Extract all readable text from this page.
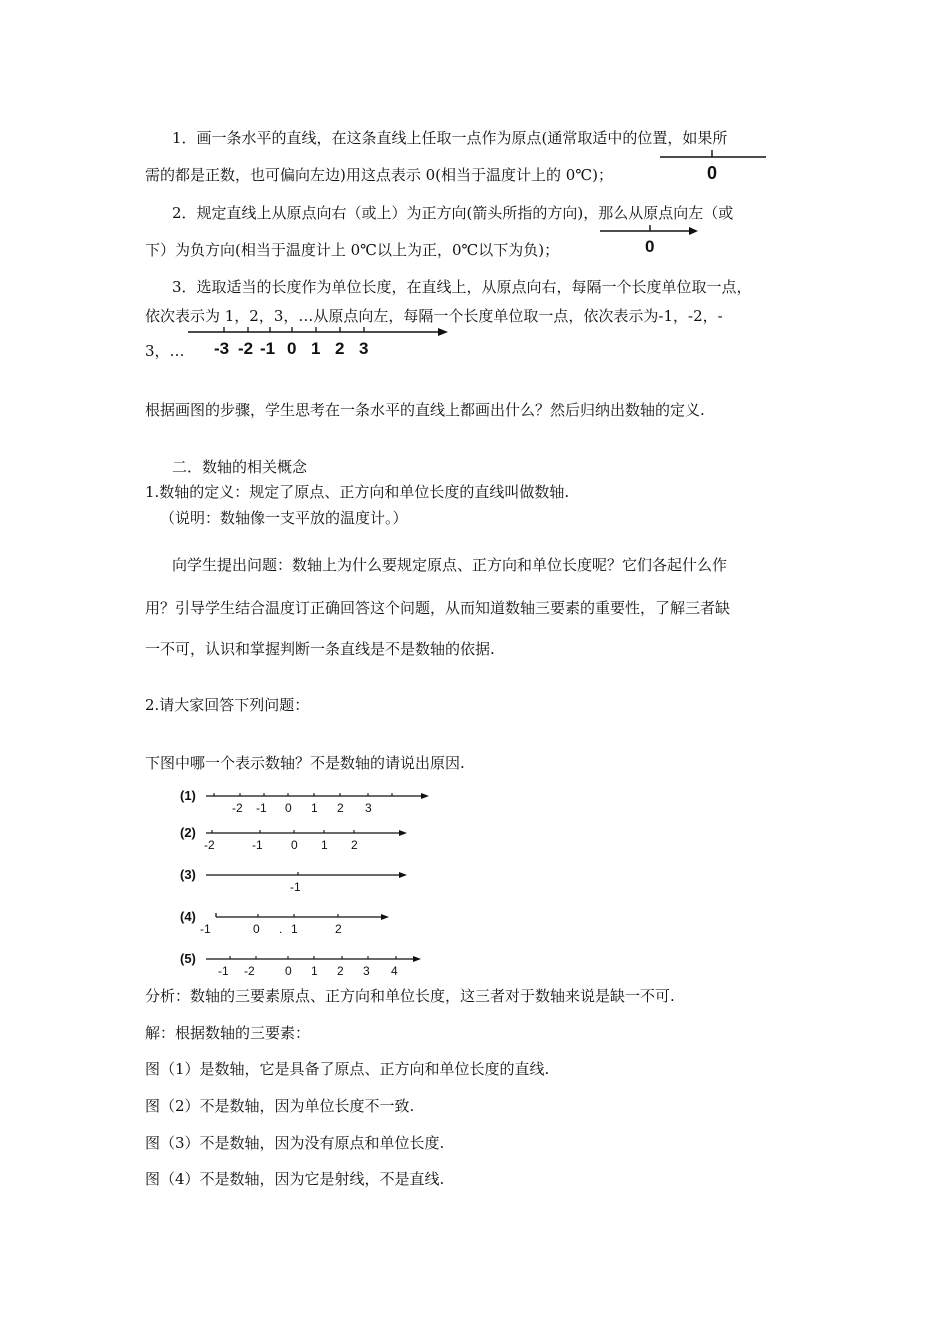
1．画一条水平的直线，在这条直线上任取一点作为原点(通常取适中的位置，如果所
需的都是正数，也可偏向左边)用这点表示 0(相当于温度计上的 0℃)；	0
2．规定直线上从原点向右（或上）为正方向(箭头所指的方向)，那么从原点向左（或
下）为负方向(相当于温度计上 0℃以上为正，0℃以下为负)；	0
3．选取适当的长度作为单位长度，在直线上，从原点向右，每隔一个长度单位取一点，
依次表示为 1，2，3，…从原点向左，每隔一个长度单位取一点，依次表示为-1，-2，-
3，… -3 -2 -1 0 1 2 3
根据画图的步骤，学生思考在一条水平的直线上都画出什么？然后归纳出数轴的定义.
二．数轴的相关概念
1.数轴的定义：规定了原点、正方向和单位长度的直线叫做数轴.
（说明：数轴像一支平放的温度计。）
向学生提出问题：数轴上为什么要规定原点、正方向和单位长度呢？它们各起什么作
用？引导学生结合温度订正确回答这个问题，从而知道数轴三要素的重要性，了解三者缺
一不可，认识和掌握判断一条直线是不是数轴的依据.
2.请大家回答下列问题：
下图中哪一个表示数轴？不是数轴的请说出原因.
(1)
-2 -1 0 1 2 3
(2)
-2	-1 0 1 2
(3)
-1
(4)
-1	0 . 1	2
(5)
-1 -2	0 1 2 3 4
分析：数轴的三要素原点、正方向和单位长度，这三者对于数轴来说是缺一不可.
解：根据数轴的三要素：
图（1）是数轴，它是具备了原点、正方向和单位长度的直线.
图（2）不是数轴，因为单位长度不一致.
图（3）不是数轴，因为没有原点和单位长度.
图（4）不是数轴，因为它是射线，不是直线.
